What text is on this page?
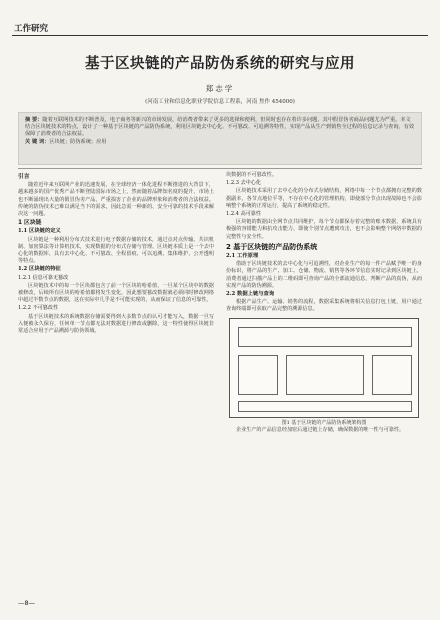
工作研究
基于区块链的产品防伪系统的研究与应用
郑志学
(河南工业和信息化职业学院信息工程系，河南 焦作 454000)
摘 要：随着互联网技术的不断普及，电子商务等新兴的市场发展，给消费者带来了更多的选择和便利，但同时也存在着许多问题，其中假冒伪劣商品问题尤为严重。本文结合区块链技术的特点，设计了一种基于区块链的产品防伪系统，利用区块链去中心化、不可篡改、可追溯等特性，实现产品从生产到销售全过程的信息记录与查询，有效保障了消费者的合法权益。
关 键 词：区块链；防伪系统；应用
引言

随着近年来互联网产业的迅速发展，在全球经济一体化进程不断推进的大背景下，越来越多的国产优秀产品不断登陆国际市场之上，然而随着品牌知名度的提升，市场上也不断涌现出大量的假冒伪劣产品，严重损害了企业的品牌形象和消费者的合法权益。传统的防伪技术已难以满足当下的需求，因此急需一种新的、安全可靠的技术手段来解决这一问题。

1 区块链
1.1 区块链的定义

区块链是一种利用分布式技术进行电子数据存储的技术，通过点对点传输、共识机制、加密算法等计算机技术，实现数据的分布式存储与管理。区块链本质上是一个去中心化的数据库，具有去中心化、不可篡改、全程留痕、可以追溯、集体维护、公开透明等特点。

1.2 区块链的特征
1.2.1 信息可靠无篡改

区块链技术中的每一个区块都包含了前一个区块的哈希值，一旦某个区块中的数据被修改，后续所有区块的哈希值都将发生变化，因此想要篡改数据就必须同时修改网络中超过半数节点的数据，这在实际中几乎是不可能实现的，从而保证了信息的可靠性。

1.2.2 不可篡改性

基于区块链技术的系统数据存储需要得到大多数节点的认可才能写入，数据一旦写入便被永久保存，任何单一节点都无法对数据进行修改或删除，这一特性使得区块链非常适合应用于产品溯源与防伪领域。

块数据的不可篡改性。

1.2.3 去中心化

区块链技术采用了去中心化的分布式存储结构，网络中每一个节点都拥有完整的数据副本，各节点地位平等，不存在中心化的管理机构，即使部分节点出现故障也不会影响整个系统的正常运行，提高了系统的稳定性。

1.2.4 高可靠性

区块链的数据由全网节点共同维护，每个节点都保存着完整的账本数据，系统具有极强的容错能力和抗攻击能力，即使个别节点遭到攻击，也不会影响整个网络中数据的完整性与安全性。

2 基于区块链的产品防伪系统
2.1 工作原理

借助于区块链技术的去中心化与可追溯性，对企业生产的每一件产品赋予唯一的身份标识，将产品的生产、加工、仓储、物流、销售等各环节信息实时记录到区块链上，消费者通过扫描产品上的二维码即可查询产品的全部流通信息，判断产品的真伪，从而实现产品的防伪溯源。

2.2 数据上链与查询

根据产品生产、运输、销售的流程，数据采集系统将相关信息打包上链，用户通过查询终端即可获取产品完整的溯源信息。

图1 基于区块链的产品防伪系统架构图

企业生产的产品信息经加密后通过链上存储，确保数据的唯一性与可靠性。

—8—
